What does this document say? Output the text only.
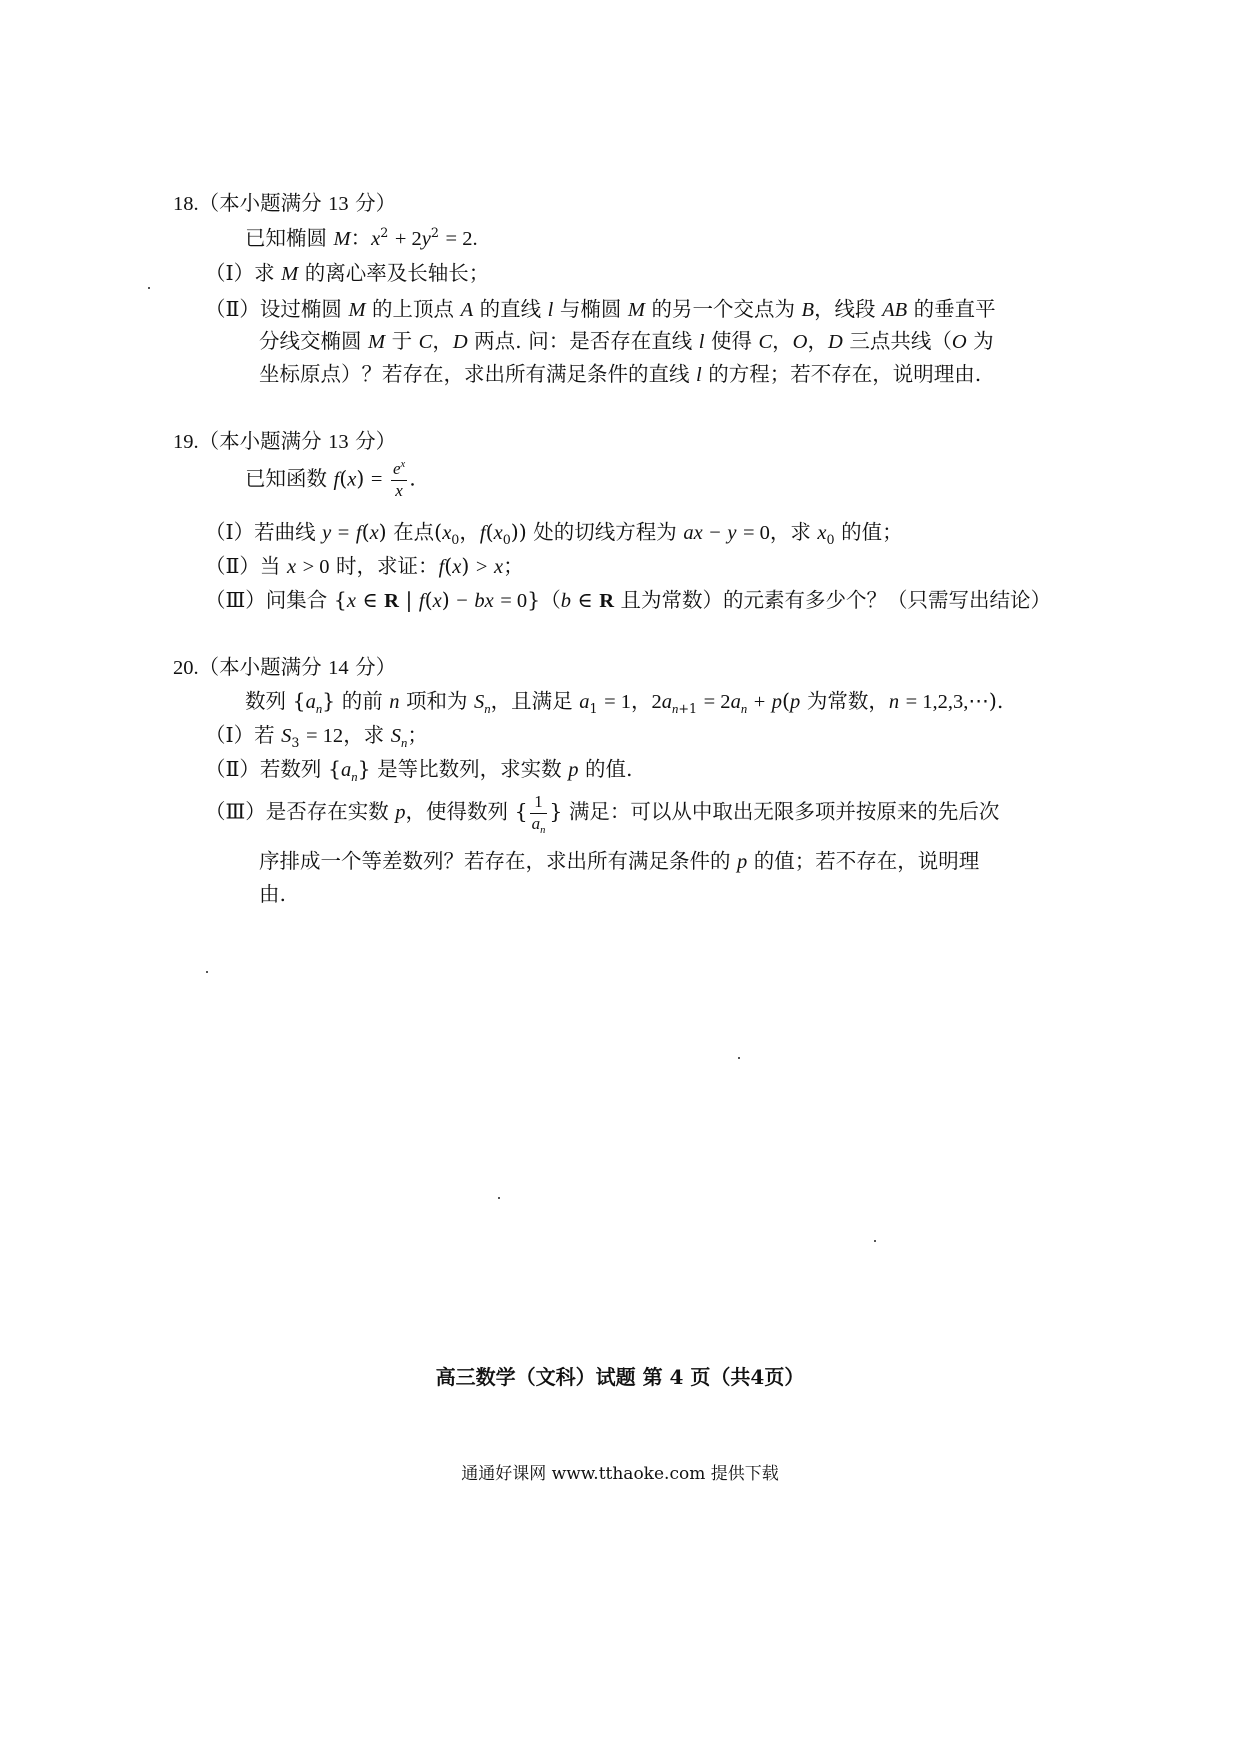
18.（本小题满分 13 分）
已知椭圆 M：$x^2 + 2y^2 = 2$.
（Ⅰ）求 M 的离心率及长轴长；
（Ⅱ）设过椭圆 M 的上顶点 A 的直线 l 与椭圆 M 的另一个交点为 B，线段 AB 的垂直平
分线交椭圆 M 于 C，D 两点. 问：是否存在直线 l 使得 C，O，D 三点共线（O 为
坐标原点）？若存在，求出所有满足条件的直线 l 的方程；若不存在，说明理由.
19.（本小题满分 13 分）
已知函数 $f(x) = \frac{e^x}{x}$ .
（Ⅰ）若曲线 y = f(x) 在点($x_0$，$f(x_0)$) 处的切线方程为 ax − y = 0，求 $x_0$ 的值；
（Ⅱ）当 x > 0 时，求证：f(x) > x；
（Ⅲ）问集合 {x ∈ R | f(x) − bx = 0}（b ∈ R 且为常数）的元素有多少个？（只需写出结论）
20.（本小题满分 14 分）
数列 $\{a_n\}$ 的前 n 项和为 $S_n$，且满足 $a_1 = 1$，$2a_{n+1} = 2a_n + p(p$ 为常数，n = 1,2,3,⋯).
（Ⅰ）若 $S_3 = 12$，求 $S_n$；
（Ⅱ）若数列 $\{a_n\}$ 是等比数列，求实数 p 的值.
（Ⅲ）是否存在实数 p，使得数列 { $\frac{1}{a_n}$ } 满足：可以从中取出无限多项并按原来的先后次
序排成一个等差数列？若存在，求出所有满足条件的 p 的值；若不存在，说明理
由.
高三数学（文科）试题 第 4 页（共4页）
通通好课网 www.tthaoke.com 提供下载
